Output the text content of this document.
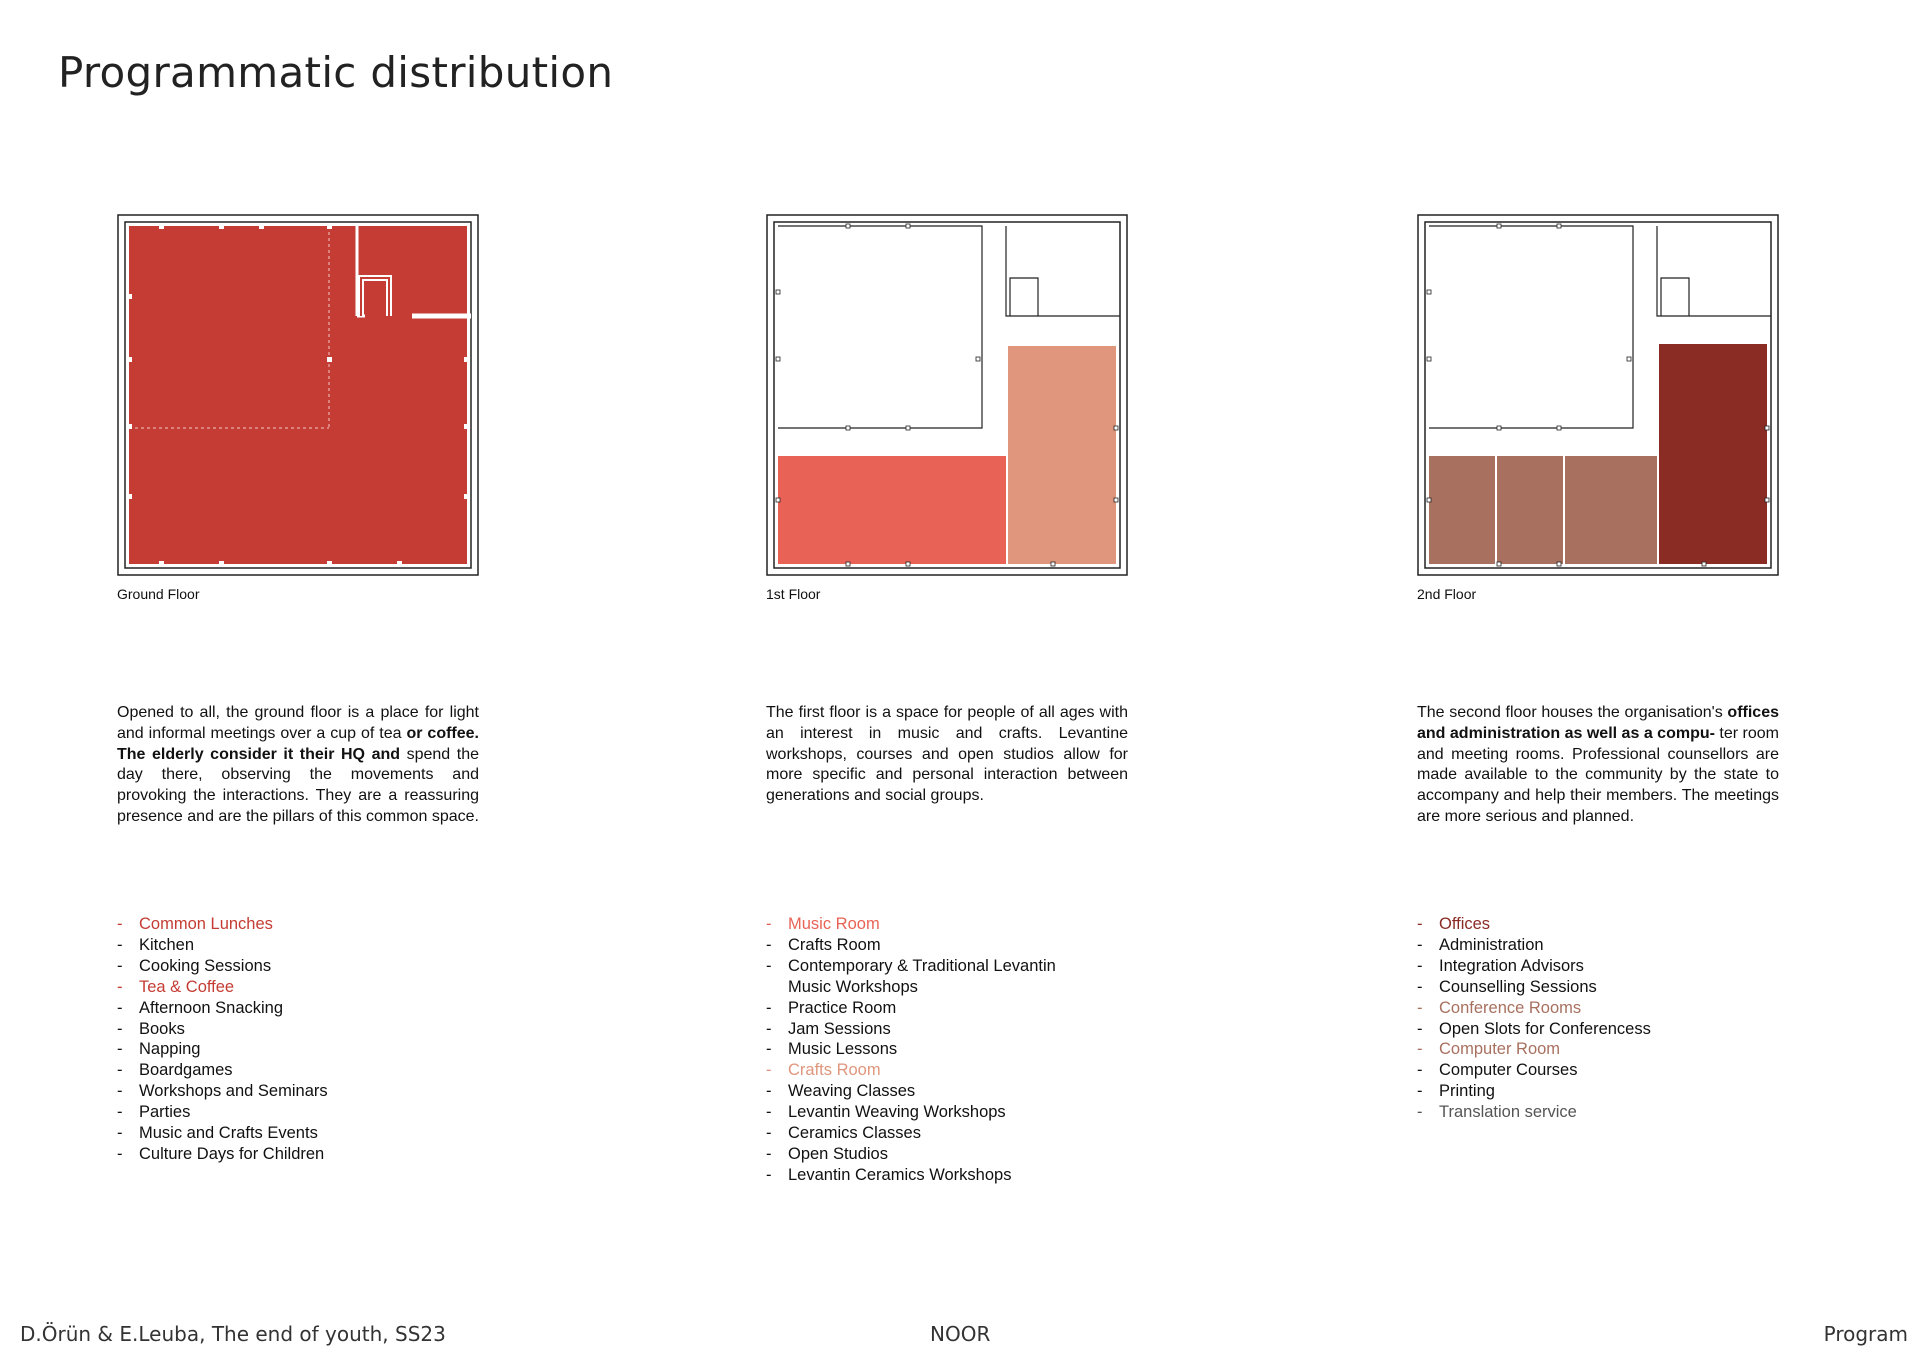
Programmatic distribution
Ground Floor
Opened to all, the ground floor is a place for light and informal meetings over a cup of tea or coffee. The elderly consider it their HQ and spend the day there, observing the movements and provoking the interactions. They are a reassuring presence and are the pillars of this common space.
- Common Lunches
- Kitchen
- Cooking Sessions
- Tea & Coffee
- Afternoon Snacking
- Books
- Napping
- Boardgames
- Workshops and Seminars
- Parties
- Music and Crafts Events
- Culture Days for Children
1st Floor
The first floor is a space for people of all ages with an interest in music and crafts. Levantine workshops, courses and open studios allow for more specific and personal interaction between generations and social groups.
- Music Room
- Crafts Room
- Contemporary & Traditional Levantin
Music Workshops
- Practice Room
- Jam Sessions
- Music Lessons
- Crafts Room
- Weaving Classes
- Levantin Weaving Workshops
- Ceramics Classes
- Open Studios
- Levantin Ceramics Workshops
2nd Floor
The second floor houses the organisation's offices and administration as well as a compu- ter room and meeting rooms. Professional counsellors are made available to the community by the state to accompany and help their members. The meetings are more serious and planned.
- Offices
- Administration
- Integration Advisors
- Counselling Sessions
- Conference Rooms
- Open Slots for Conferencess
- Computer Room
- Computer Courses
- Printing
- Translation service
D.Örün & E.Leuba, The end of youth, SS23	NOOR	Program
